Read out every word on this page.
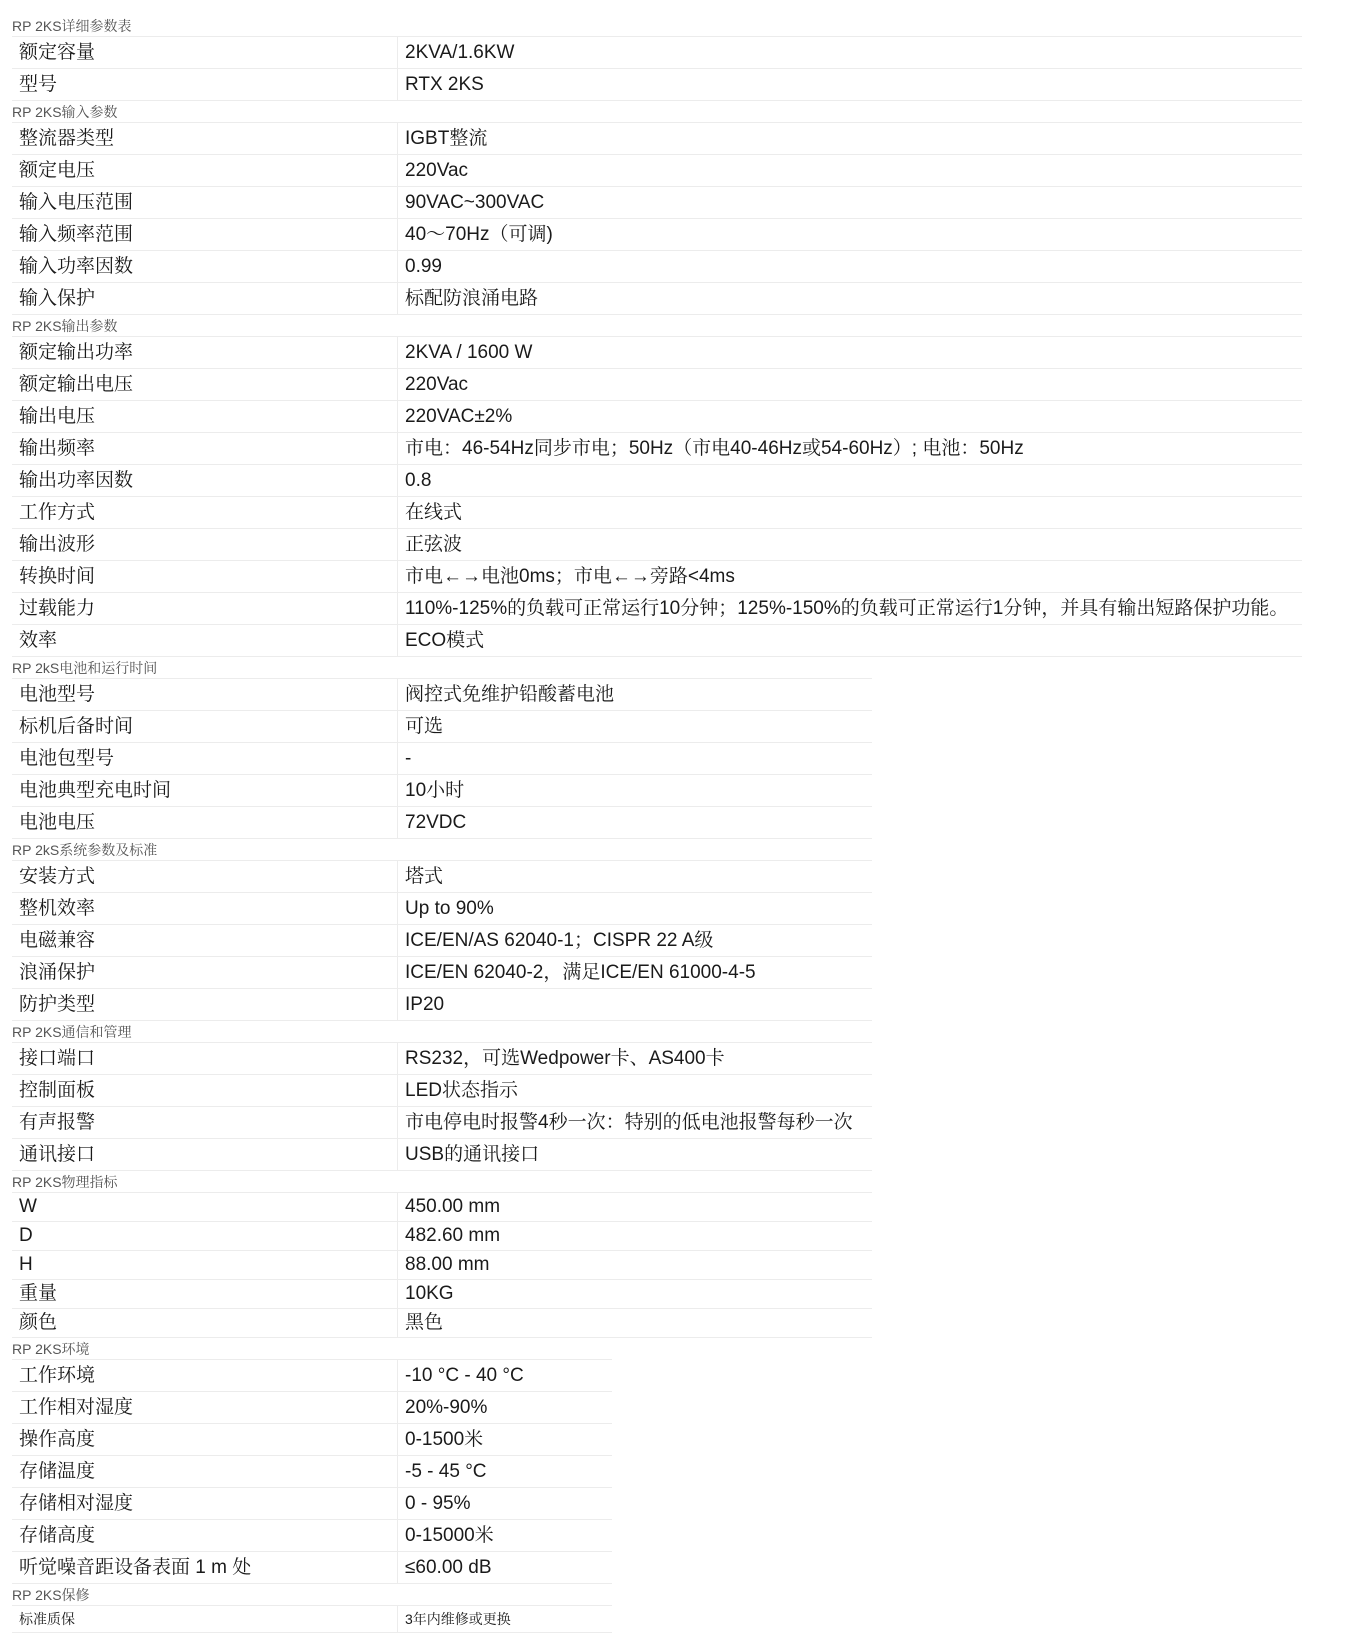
RP 2KS详细参数表
额定容量	2KVA/1.6KW
型号	RTX 2KS
RP 2KS输入参数
整流器类型	IGBT整流
额定电压	220Vac
输入电压范围	90VAC~300VAC
输入频率范围	40～70Hz（可调)
输入功率因数	0.99
输入保护	标配防浪涌电路
RP 2KS输出参数
额定输出功率	2KVA / 1600 W
额定输出电压	220Vac
输出电压	220VAC±2%
输出频率	市电：46-54Hz同步市电；50Hz（市电40-46Hz或54-60Hz）; 电池：50Hz
输出功率因数	0.8
工作方式	在线式
输出波形	正弦波
转换时间	市电←→电池0ms；市电←→旁路<4ms
过载能力	110%-125%的负载可正常运行10分钟；125%-150%的负载可正常运行1分钟，并具有输出短路保护功能。
效率	ECO模式
RP 2kS电池和运行时间
电池型号	阀控式免维护铅酸蓄电池
标机后备时间	可选
电池包型号	-
电池典型充电时间	10小时
电池电压	72VDC
RP 2kS系统参数及标准
安装方式	塔式
整机效率	Up to 90%
电磁兼容	ICE/EN/AS 62040-1；CISPR 22 A级
浪涌保护	ICE/EN 62040-2，满足ICE/EN 61000-4-5
防护类型	IP20
RP 2KS通信和管理
接口端口	RS232，可选Wedpower卡、AS400卡
控制面板	LED状态指示
有声报警	市电停电时报警4秒一次：特别的低电池报警每秒一次
通讯接口	USB的通讯接口
RP 2KS物理指标
W	450.00 mm
D	482.60 mm
H	88.00 mm
重量	10KG
颜色	黑色
RP 2KS环境
工作环境	-10 °C - 40 °C
工作相对湿度	20%-90%
操作高度	0-1500米
存储温度	-5 - 45 °C
存储相对湿度	0 - 95%
存储高度	0-15000米
听觉噪音距设备表面 1 m 处	≤60.00 dB
RP 2KS保修
标准质保	3年内维修或更换
